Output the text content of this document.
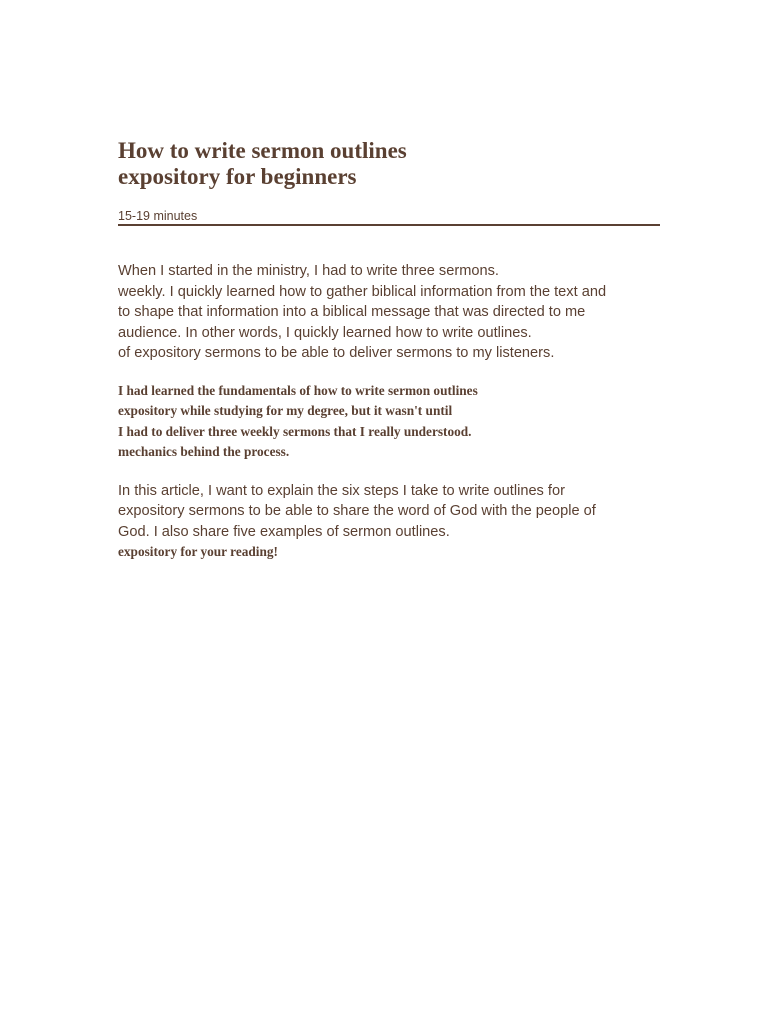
How to write sermon outlines
expository for beginners
15-19 minutes

When I started in the ministry, I had to write three sermons.
weekly. I quickly learned how to gather biblical information from the text and
to shape that information into a biblical message that was directed to me
audience. In other words, I quickly learned how to write outlines.
of expository sermons to be able to deliver sermons to my listeners.

I had learned the fundamentals of how to write sermon outlines
expository while studying for my degree, but it wasn't until
I had to deliver three weekly sermons that I really understood.
mechanics behind the process.

In this article, I want to explain the six steps I take to write outlines for
expository sermons to be able to share the word of God with the people of
God. I also share five examples of sermon outlines.

expository for your reading!
